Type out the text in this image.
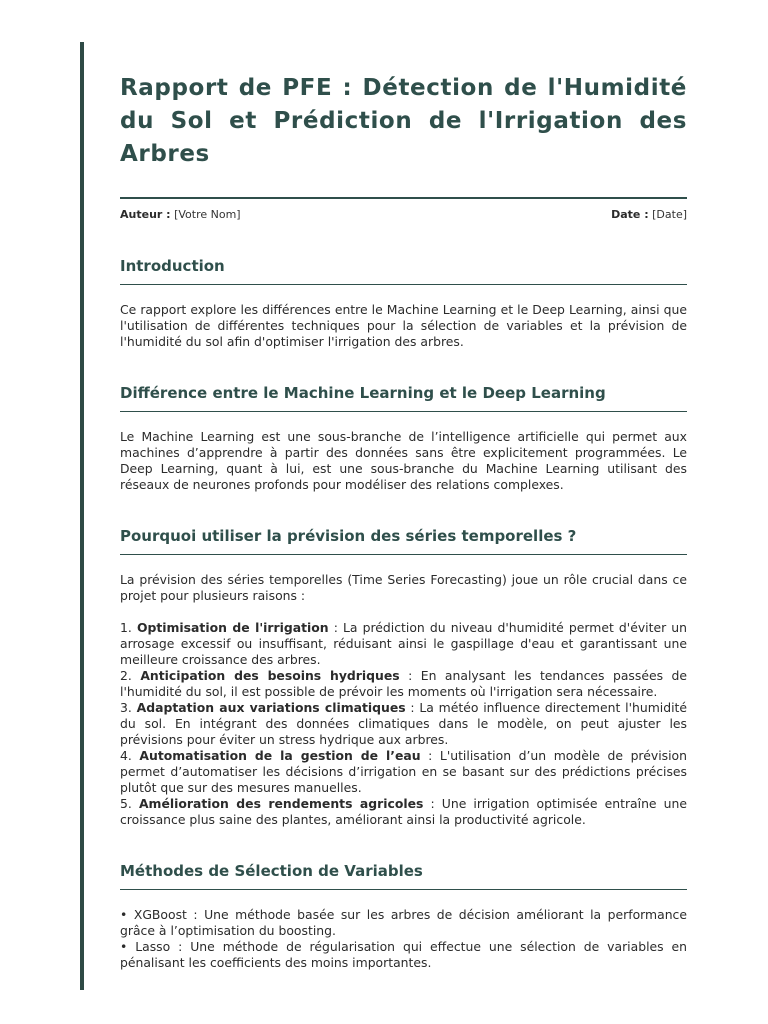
Rapport de PFE : Détection de l'Humidité du Sol et Prédiction de l'Irrigation des Arbres
Auteur : [Votre Nom]	Date : [Date]
Introduction

Ce rapport explore les différences entre le Machine Learning et le Deep Learning, ainsi que l'utilisation de différentes techniques pour la sélection de variables et la prévision de l'humidité du sol afin d'optimiser l'irrigation des arbres.

Différence entre le Machine Learning et le Deep Learning

Le Machine Learning est une sous-branche de l’intelligence artificielle qui permet aux machines d’apprendre à partir des données sans être explicitement programmées. Le Deep Learning, quant à lui, est une sous-branche du Machine Learning utilisant des réseaux de neurones profonds pour modéliser des relations complexes.

Pourquoi utiliser la prévision des séries temporelles ?

La prévision des séries temporelles (Time Series Forecasting) joue un rôle crucial dans ce projet pour plusieurs raisons :

1. Optimisation de l'irrigation : La prédiction du niveau d'humidité permet d'éviter un arrosage excessif ou insuffisant, réduisant ainsi le gaspillage d'eau et garantissant une meilleure croissance des arbres.

2. Anticipation des besoins hydriques : En analysant les tendances passées de l'humidité du sol, il est possible de prévoir les moments où l'irrigation sera nécessaire.

3. Adaptation aux variations climatiques : La météo influence directement l'humidité du sol. En intégrant des données climatiques dans le modèle, on peut ajuster les prévisions pour éviter un stress hydrique aux arbres.

4. Automatisation de la gestion de l’eau : L'utilisation d’un modèle de prévision permet d’automatiser les décisions d’irrigation en se basant sur des prédictions précises plutôt que sur des mesures manuelles.

5. Amélioration des rendements agricoles : Une irrigation optimisée entraîne une croissance plus saine des plantes, améliorant ainsi la productivité agricole.

Méthodes de Sélection de Variables

• XGBoost : Une méthode basée sur les arbres de décision améliorant la performance grâce à l’optimisation du boosting.

• Lasso : Une méthode de régularisation qui effectue une sélection de variables en pénalisant les coefficients des moins importantes.
